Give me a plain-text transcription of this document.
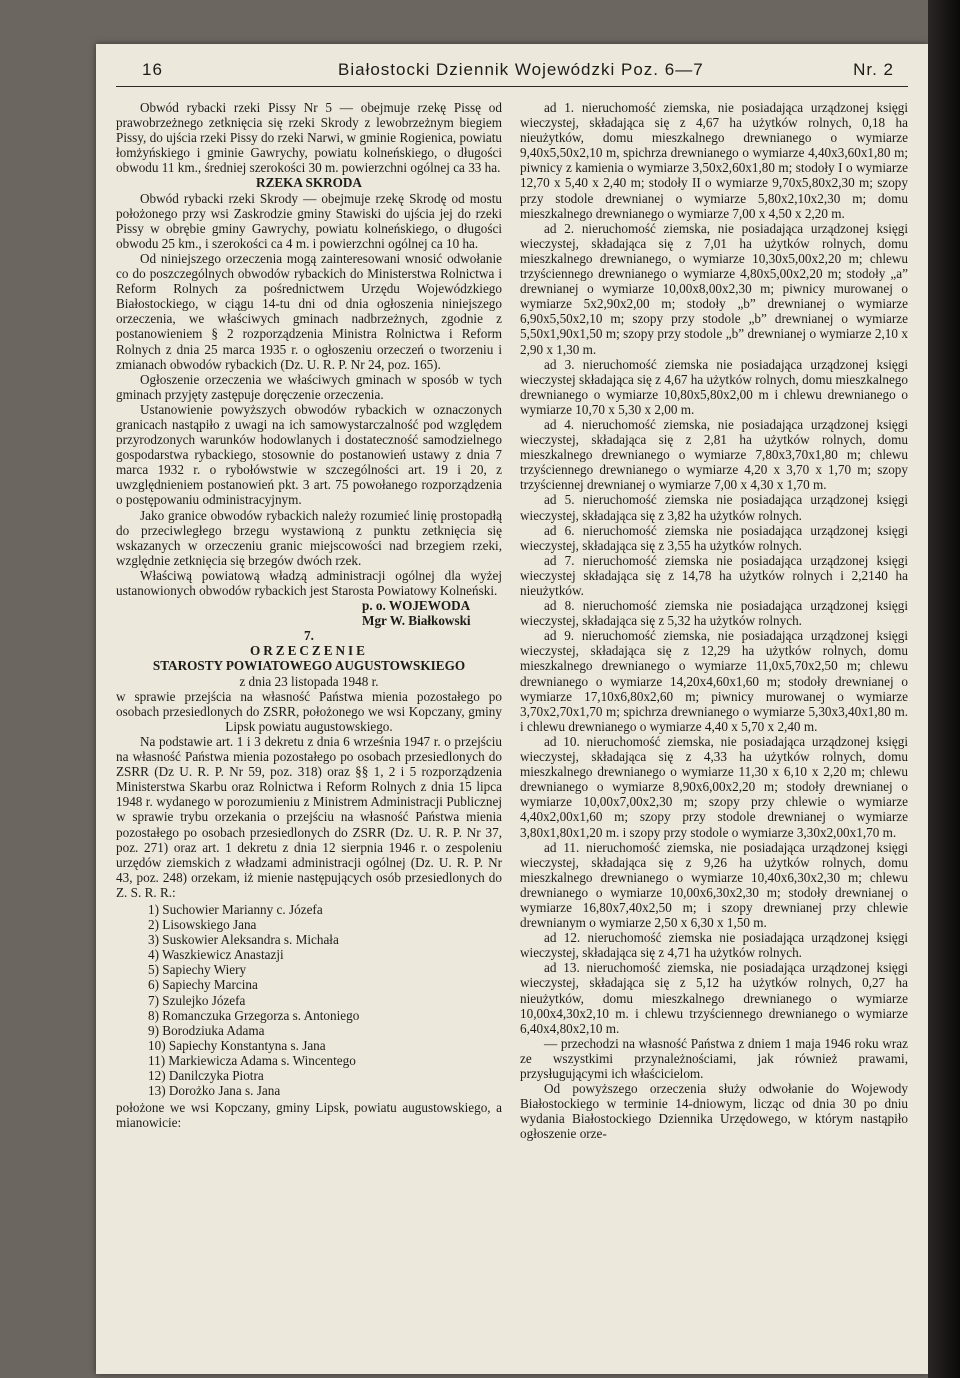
16	Białostocki Dziennik Wojewódzki Poz. 6—7	Nr. 2

Obwód rybacki rzeki Pissy Nr 5 — obejmuje rzekę Pissę od prawobrzeżnego zetknięcia się rzeki Skrody z lewobrzeżnym biegiem Pissy, do ujścia rzeki Pissy do rzeki Narwi, w gminie Rogienica, powiatu łomżyńskiego i gminie Gawrychy, powiatu kolneńskiego, o długości obwodu 11 km., średniej szerokości 30 m. powierzchni ogólnej ca 33 ha.

RZEKA SKRODA

Obwód rybacki rzeki Skrody — obejmuje rzekę Skrodę od mostu położonego przy wsi Zaskrodzie gminy Stawiski do ujścia jej do rzeki Pissy w obrębie gminy Gawrychy, powiatu kolneńskiego, o długości obwodu 25 km., i szerokości ca 4 m. i powierzchni ogólnej ca 10 ha.

Od niniejszego orzeczenia mogą zainteresowani wnosić odwołanie co do poszczególnych obwodów rybackich do Ministerstwa Rolnictwa i Reform Rolnych za pośrednictwem Urzędu Wojewódzkiego Białostockiego, w ciągu 14-tu dni od dnia ogłoszenia niniejszego orzeczenia, we właściwych gminach nadbrzeżnych, zgodnie z postanowieniem § 2 rozporządzenia Ministra Rolnictwa i Reform Rolnych z dnia 25 marca 1935 r. o ogłoszeniu orzeczeń o tworzeniu i zmianach obwodów rybackich (Dz. U. R. P. Nr 24, poz. 165).

Ogłoszenie orzeczenia we właściwych gminach w sposób w tych gminach przyjęty zastępuje doręczenie orzeczenia.

Ustanowienie powyższych obwodów rybackich w oznaczonych granicach nastąpiło z uwagi na ich samowystarczalność pod względem przyrodzonych warunków hodowlanych i dostateczność samodzielnego gospodarstwa rybackiego, stosownie do postanowień ustawy z dnia 7 marca 1932 r. o rybołówstwie w szczególności art. 19 i 20, z uwzględnieniem postanowień pkt. 3 art. 75 powołanego rozporządzenia o postępowaniu odministracyjnym.

Jako granice obwodów rybackich należy rozumieć linię prostopadłą do przeciwległego brzegu wystawioną z punktu zetknięcia się wskazanych w orzeczeniu granic miejscowości nad brzegiem rzeki, względnie zetknięcia się brzegów dwóch rzek.

Właściwą powiatową władzą administracji ogólnej dla wyżej ustanowionych obwodów rybackich jest Starosta Powiatowy Kolneński.

p. o. WOJEWODA

Mgr W. Białkowski

7.

ORZECZENIE

STAROSTY POWIATOWEGO AUGUSTOWSKIEGO

z dnia 23 listopada 1948 r.

w sprawie przejścia na własność Państwa mienia pozostałego po osobach przesiedlonych do ZSRR, położonego we wsi Kopczany, gminy Lipsk powiatu augustowskiego.

Na podstawie art. 1 i 3 dekretu z dnia 6 września 1947 r. o przejściu na własność Państwa mienia pozostałego po osobach przesiedlonych do ZSRR (Dz U. R. P. Nr 59, poz. 318) oraz §§ 1, 2 i 5 rozporządzenia Ministerstwa Skarbu oraz Rolnictwa i Reform Rolnych z dnia 15 lipca 1948 r. wydanego w porozumieniu z Ministrem Administracji Publicznej w sprawie trybu orzekania o przejściu na własność Państwa mienia pozostałego po osobach przesiedlonych do ZSRR (Dz. U. R. P. Nr 37, poz. 271) oraz art. 1 dekretu z dnia 12 sierpnia 1946 r. o zespoleniu urzędów ziemskich z władzami administracji ogólnej (Dz. U. R. P. Nr 43, poz. 248) orzekam, iż mienie następujących osób przesiedlonych do Z. S. R. R.:

1) Suchowier Marianny c. Józefa
2) Lisowskiego Jana
3) Suskowier Aleksandra s. Michała
4) Waszkiewicz Anastazji
5) Sapiechy Wiery
6) Sapiechy Marcina
7) Szulejko Józefa
8) Romanczuka Grzegorza s. Antoniego
9) Borodziuka Adama
10) Sapiechy Konstantyna s. Jana
11) Markiewicza Adama s. Wincentego
12) Danilczyka Piotra
13) Dorożko Jana s. Jana

położone we wsi Kopczany, gminy Lipsk, powiatu augustowskiego, a mianowicie:

ad 1. nieruchomość ziemska, nie posiadająca urządzonej księgi wieczystej, składająca się z 4,67 ha użytków rolnych, 0,18 ha nieużytków, domu mieszkalnego drewnianego o wymiarze 9,40x5,50x2,10 m, spichrza drewnianego o wymiarze 4,40x3,60x1,80 m; piwnicy z kamienia o wymiarze 3,50x2,60x1,80 m; stodoły I o wymiarze 12,70 x 5,40 x 2,40 m; stodoły II o wymiarze 9,70x5,80x2,30 m; szopy przy stodole drewnianej o wymiarze 5,80x2,10x2,30 m; domu mieszkalnego drewnianego o wymiarze 7,00 x 4,50 x 2,20 m.

ad 2. nieruchomość ziemska, nie posiadająca urządzonej księgi wieczystej, składająca się z 7,01 ha użytków rolnych, domu mieszkalnego drewnianego, o wymiarze 10,30x5,00x2,20 m; chlewu trzyściennego drewnianego o wymiarze 4,80x5,00x2,20 m; stodoły „a” drewnianej o wymiarze 10,00x8,00x2,30 m; piwnicy murowanej o wymiarze 5x2,90x2,00 m; stodoły „b” drewnianej o wymiarze 6,90x5,50x2,10 m; szopy przy stodole „b” drewnianej o wymiarze 5,50x1,90x1,50 m; szopy przy stodole „b” drewnianej o wymiarze 2,10 x 2,90 x 1,30 m.

ad 3. nieruchomość ziemska nie posiadająca urządzonej księgi wieczystej składająca się z 4,67 ha użytków rolnych, domu mieszkalnego drewnianego o wymiarze 10,80x5,80x2,00 m i chlewu drewnianego o wymiarze 10,70 x 5,30 x 2,00 m.

ad 4. nieruchomość ziemska, nie posiadająca urządzonej księgi wieczystej, składająca się z 2,81 ha użytków rolnych, domu mieszkalnego drewnianego o wymiarze 7,80x3,70x1,80 m; chlewu trzyściennego drewnianego o wymiarze 4,20 x 3,70 x 1,70 m; szopy trzyściennej drewnianej o wymiarze 7,00 x 4,30 x 1,70 m.

ad 5. nieruchomość ziemska nie posiadająca urządzonej księgi wieczystej, składająca się z 3,82 ha użytków rolnych.

ad 6. nieruchomość ziemska nie posiadająca urządzonej księgi wieczystej, składająca się z 3,55 ha użytków rolnych.

ad 7. nieruchomość ziemska nie posiadająca urządzonej księgi wieczystej składająca się z 14,78 ha użytków rolnych i 2,2140 ha nieużytków.

ad 8. nieruchomość ziemska nie posiadająca urządzonej księgi wieczystej, składająca się z 5,32 ha użytków rolnych.

ad 9. nieruchomość ziemska, nie posiadająca urządzonej księgi wieczystej, składająca się z 12,29 ha użytków rolnych, domu mieszkalnego drewnianego o wymiarze 11,0x5,70x2,50 m; chlewu drewnianego o wymiarze 14,20x4,60x1,60 m; stodoły drewnianej o wymiarze 17,10x6,80x2,60 m; piwnicy murowanej o wymiarze 3,70x2,70x1,70 m; spichrza drewnianego o wymiarze 5,30x3,40x1,80 m. i chlewu drewnianego o wymiarze 4,40 x 5,70 x 2,40 m.

ad 10. nieruchomość ziemska, nie posiadająca urządzonej księgi wieczystej, składająca się z 4,33 ha użytków rolnych, domu mieszkalnego drewnianego o wymiarze 11,30 x 6,10 x 2,20 m; chlewu drewnianego o wymiarze 8,90x6,00x2,20 m; stodoły drewnianej o wymiarze 10,00x7,00x2,30 m; szopy przy chlewie o wymiarze 4,40x2,00x1,60 m; szopy przy stodole drewnianej o wymiarze 3,80x1,80x1,20 m. i szopy przy stodole o wymiarze 3,30x2,00x1,70 m.

ad 11. nieruchomość ziemska, nie posiadająca urządzonej księgi wieczystej, składająca się z 9,26 ha użytków rolnych, domu mieszkalnego drewnianego o wymiarze 10,40x6,30x2,30 m; chlewu drewnianego o wymiarze 10,00x6,30x2,30 m; stodoły drewnianej o wymiarze 16,80x7,40x2,50 m; i szopy drewnianej przy chlewie drewnianym o wymiarze 2,50 x 6,30 x 1,50 m.

ad 12. nieruchomość ziemska nie posiadająca urządzonej księgi wieczystej, składająca się z 4,71 ha użytków rolnych.

ad 13. nieruchomość ziemska, nie posiadająca urządzonej księgi wieczystej, składająca się z 5,12 ha użytków rolnych, 0,27 ha nieużytków, domu mieszkalnego drewnianego o wymiarze 10,00x4,30x2,10 m. i chlewu trzyściennego drewnianego o wymiarze 6,40x4,80x2,10 m.

— przechodzi na własność Państwa z dniem 1 maja 1946 roku wraz ze wszystkimi przynależnościami, jak również prawami, przysługującymi ich właścicielom.

Od powyższego orzeczenia służy odwołanie do Wojewody Białostockiego w terminie 14-dniowym, licząc od dnia 30 po dniu wydania Białostockiego Dziennika Urzędowego, w którym nastąpiło ogłoszenie orze-
